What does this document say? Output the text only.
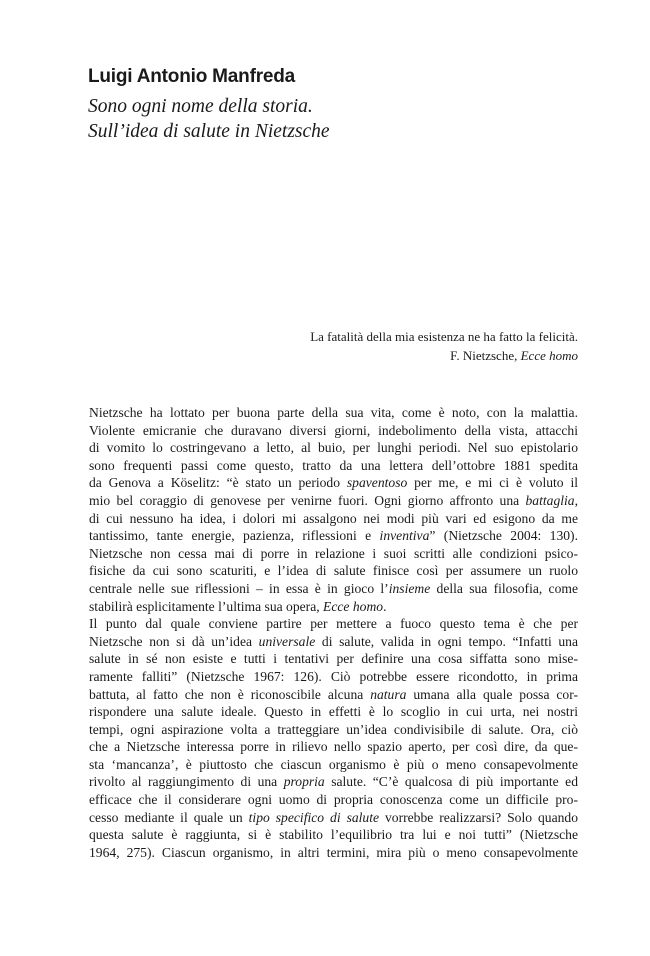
Luigi Antonio Manfreda
Sono ogni nome della storia.
Sull’idea di salute in Nietzsche
La fatalità della mia esistenza ne ha fatto la felicità.
F. Nietzsche, Ecce homo

Nietzsche ha lottato per buona parte della sua vita, come è noto, con la malattia.
Violente emicranie che duravano diversi giorni, indebolimento della vista, attacchi
di vomito lo costringevano a letto, al buio, per lunghi periodi. Nel suo epistolario
sono frequenti passi come questo, tratto da una lettera dell’ottobre 1881 spedita
da Genova a Köselitz: “è stato un periodo spaventoso per me, e mi ci è voluto il
mio bel coraggio di genovese per venirne fuori. Ogni giorno affronto una battaglia,
di cui nessuno ha idea, i dolori mi assalgono nei modi più vari ed esigono da me
tantissimo, tante energie, pazienza, riflessioni e inventiva” (Nietzsche 2004: 130).
Nietzsche non cessa mai di porre in relazione i suoi scritti alle condizioni psico-
fisiche da cui sono scaturiti, e l’idea di salute finisce così per assumere un ruolo
centrale nelle sue riflessioni – in essa è in gioco l’insieme della sua filosofia, come
stabilirà esplicitamente l’ultima sua opera, Ecce homo.

Il punto dal quale conviene partire per mettere a fuoco questo tema è che per
Nietzsche non si dà un’idea universale di salute, valida in ogni tempo. “Infatti una
salute in sé non esiste e tutti i tentativi per definire una cosa siffatta sono mise-
ramente falliti” (Nietzsche 1967: 126). Ciò potrebbe essere ricondotto, in prima
battuta, al fatto che non è riconoscibile alcuna natura umana alla quale possa cor-
rispondere una salute ideale. Questo in effetti è lo scoglio in cui urta, nei nostri
tempi, ogni aspirazione volta a tratteggiare un’idea condivisibile di salute. Ora, ciò
che a Nietzsche interessa porre in rilievo nello spazio aperto, per così dire, da que-
sta ‘mancanza’, è piuttosto che ciascun organismo è più o meno consapevolmente
rivolto al raggiungimento di una propria salute. “C’è qualcosa di più importante ed
efficace che il considerare ogni uomo di propria conoscenza come un difficile pro-
cesso mediante il quale un tipo specifico di salute vorrebbe realizzarsi? Solo quando
questa salute è raggiunta, si è stabilito l’equilibrio tra lui e noi tutti” (Nietzsche
1964, 275). Ciascun organismo, in altri termini, mira più o meno consapevolmente
